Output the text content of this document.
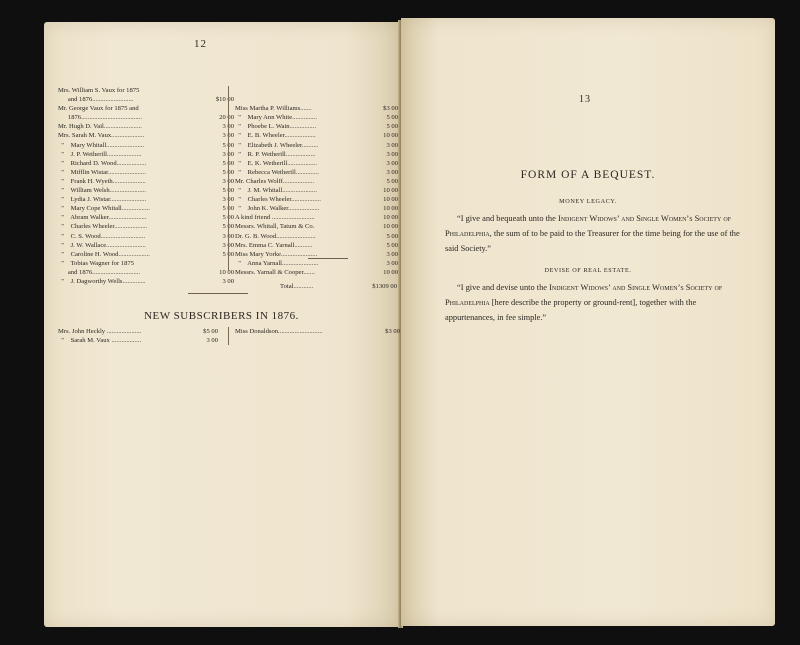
12
13
FORM OF A BEQUEST.
MONEY LEGACY.

“I give and bequeath unto the Indigent Widows’ and Single Women’s Society of Philadelphia, the sum of to be paid to the Treasurer for the time being for the use of the said Society.”

DEVISE OF REAL ESTATE.

“I give and devise unto the Indigent Widows’ and Single Women’s Society of Philadelphia [here describe the property or ground-rent], together with the appurtenances, in fee simple.”

Mrs. William S. Vaux for 1875
and 1876.........................	$10 00
Mr. George Vaux for 1875 and
1876.....................................	20 00
Mr. Hugh D. Vail.......................	3 00
Mrs. Sarah M. Vaux....................	3 00
"    Mary Whitall.......................	5 00
"    J. P. Wetherill.....................	3 00
"    Richard D. Wood..................	5 00
"    Mifflin Wistar.......................	5 00
"    Frank H. Wyeth....................	3 00
"    William Welsh......................	5 00
"    Lydia J. Wistar......................	3 00
"    Mary Cope Whitall.................	5 00
"    Abram Walker.......................	5 00
"    Charles Wheeler....................	5 00
"    C. S. Wood...........................	3 00
"    J. W. Wallace........................	3 00
"    Caroline H. Wood...................	5 00
"    Tobias Wagner for 1875
and 1876.............................	10 00
"    J. Dagworthy Wells..............	3 00

Miss Martha P. Williams.......	$3 00
"    Mary Ann White...............	5 00
"    Phoebe L. Wain................	5 00
"    E. B. Wheeler...................	10 00
"    Elizabeth J. Wheeler..........	3 00
"    R. P. Wetherill..................	3 00
"    E. K. Wetherill..................	3 00
"    Rebecca Wetherill..............	3 00
Mr. Charles Wolff...................	5 00
"    J. M. Whitall.....................	10 00
"    Charles Wheeler..................	10 00
"    John K. Walker...................	10 00
A kind friend ..........................	10 00
Messrs. Whitall, Tatum & Co.	10 00
Dr. G. B. Wood........................	5 00
Mrs. Emma C. Yarnall...........	5 00
Miss Mary Yorke......................	3 00
"    Anna Yarnall......................	3 00
Messrs. Yarnall & Cooper.......	10 00

Total............	$1309 00

NEW SUBSCRIBERS IN 1876.
Mrs. John Heckly .....................	$5 00
"    Sarah M. Vaux ..................	3 00
Miss Donaldson...........................	$3 00
